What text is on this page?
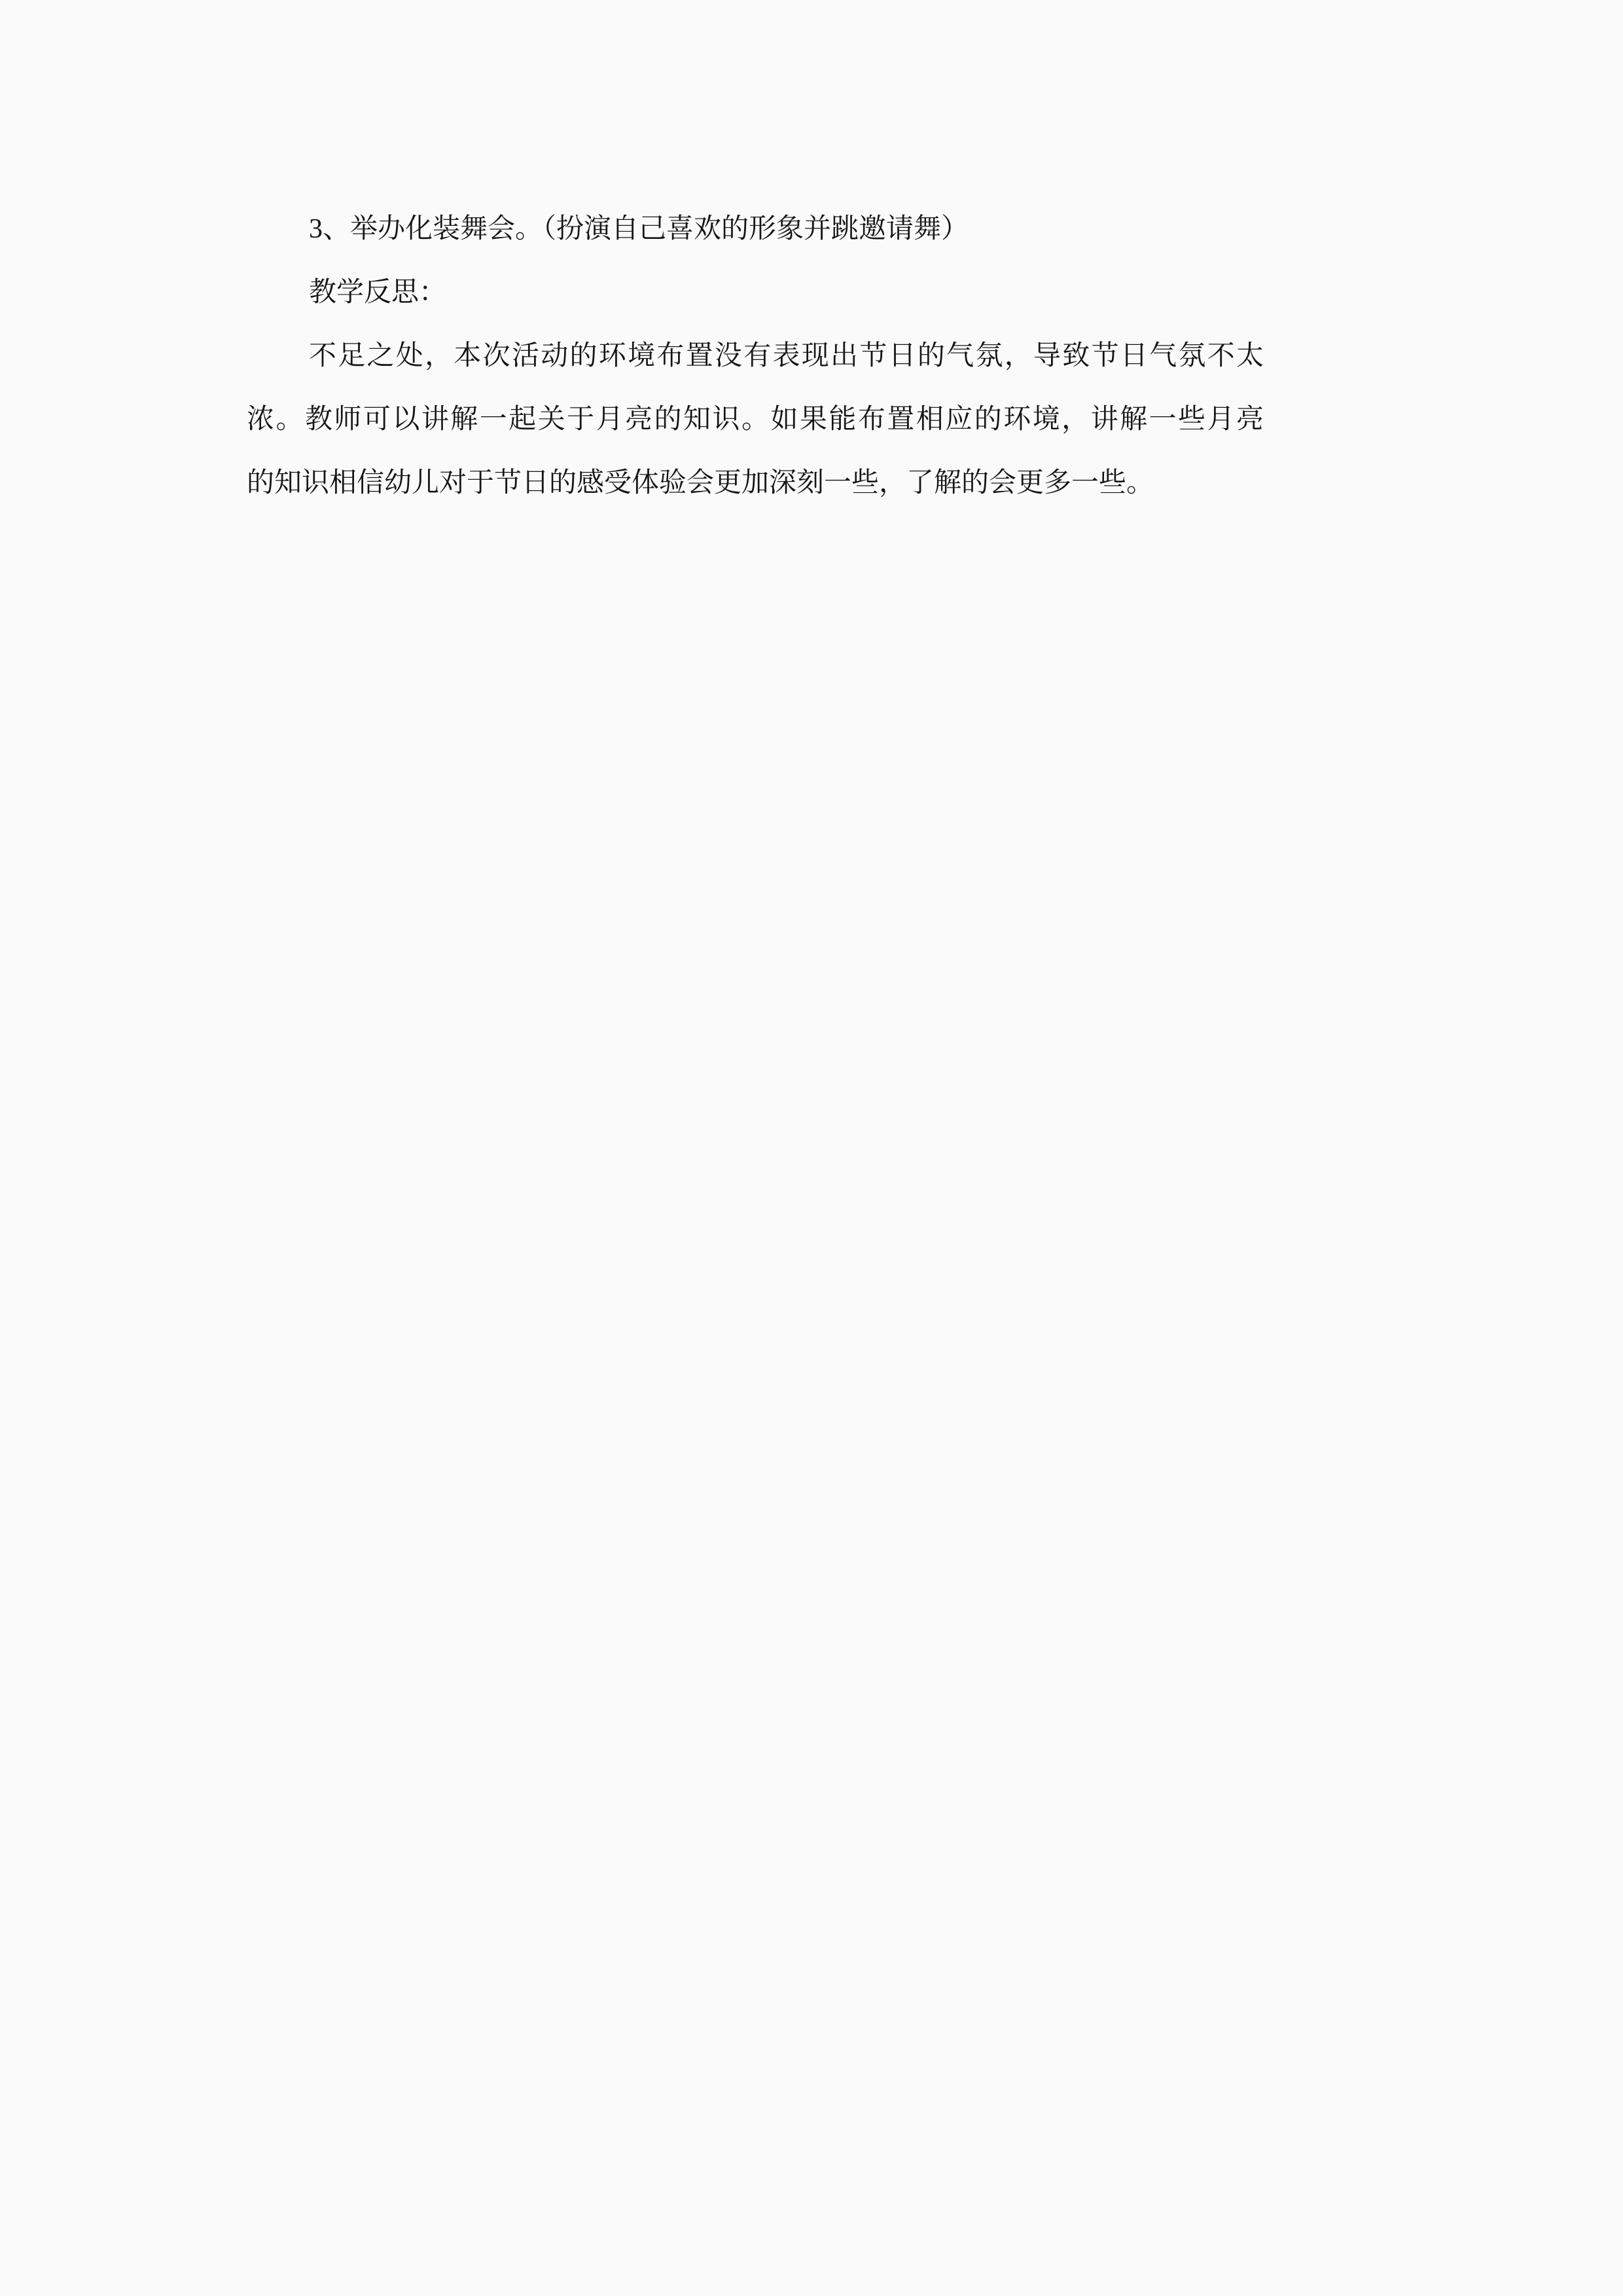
3、举办化装舞会。（扮演自己喜欢的形象并跳邀请舞）
教学反思：
不足之处，本次活动的环境布置没有表现出节日的气氛，导致节日气氛不太
浓。教师可以讲解一起关于月亮的知识。如果能布置相应的环境，讲解一些月亮
的知识相信幼儿对于节日的感受体验会更加深刻一些，了解的会更多一些。
